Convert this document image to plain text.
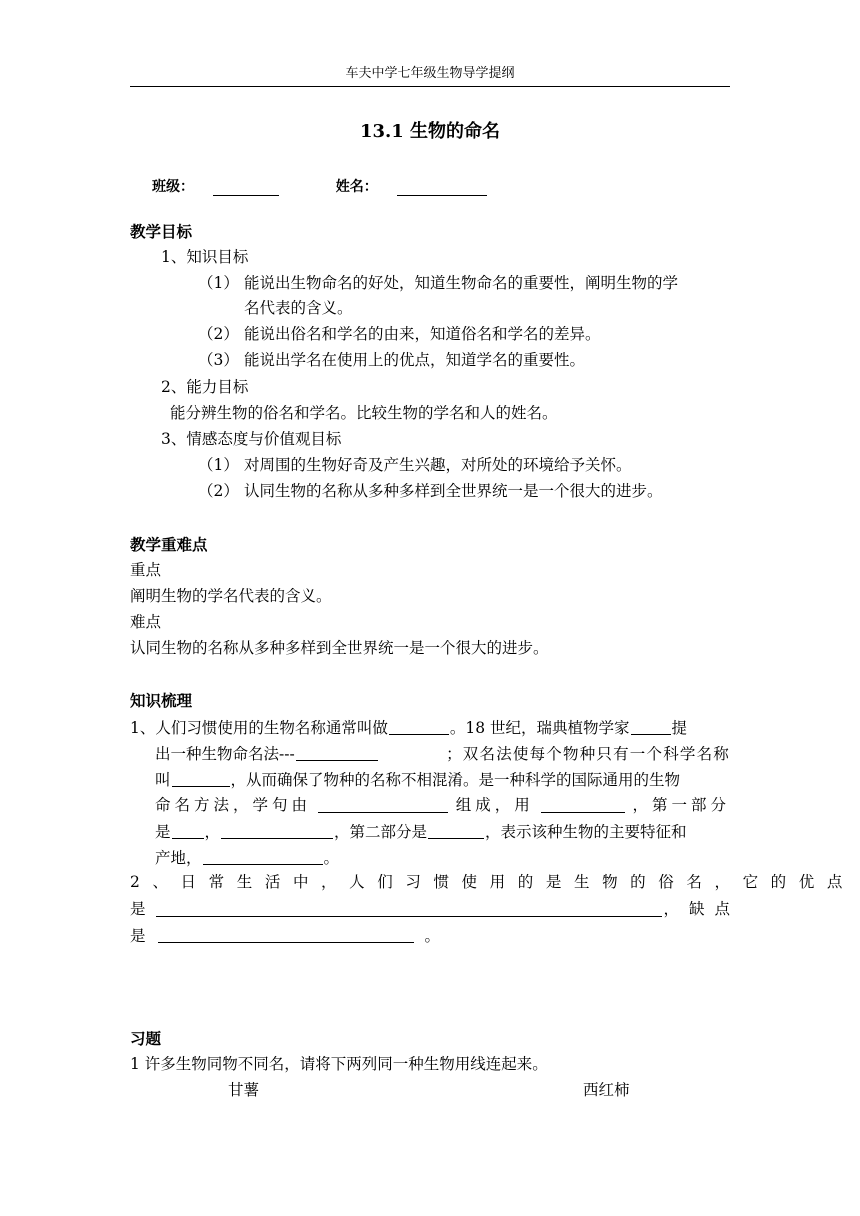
车夫中学七年级生物导学提纲
13.1 生物的命名
班级：	姓名：
教学目标
1、知识目标
（1） 能说出生物命名的好处，知道生物命名的重要性，阐明生物的学
名代表的含义。
（2） 能说出俗名和学名的由来，知道俗名和学名的差异。
（3） 能说出学名在使用上的优点，知道学名的重要性。
2、能力目标
能分辨生物的俗名和学名。比较生物的学名和人的姓名。
3、情感态度与价值观目标
（1） 对周围的生物好奇及产生兴趣，对所处的环境给予关怀。
（2） 认同生物的名称从多种多样到全世界统一是一个很大的进步。
教学重难点
重点
阐明生物的学名代表的含义。
难点
认同生物的名称从多种多样到全世界统一是一个很大的进步。
知识梳理
1、人们习惯使用的生物名称通常叫做	。18 世纪，瑞典植物学家	提
出一种生物命名法---	；双名法使每个物种只有一个科学名称
叫	，从而确保了物种的名称不相混淆。是一种科学的国际通用的生物
命名方法，学句由	组成，用	，第一部分
是 ，	，第二部分是	，表示该种生物的主要特征和
产地，	。
2、日常生活中，人们习惯使用的是生物的俗名，它的优点
是	，缺点
是	。
习题
1 许多生物同物不同名，请将下两列同一种生物用线连起来。
甘薯	西红柿
